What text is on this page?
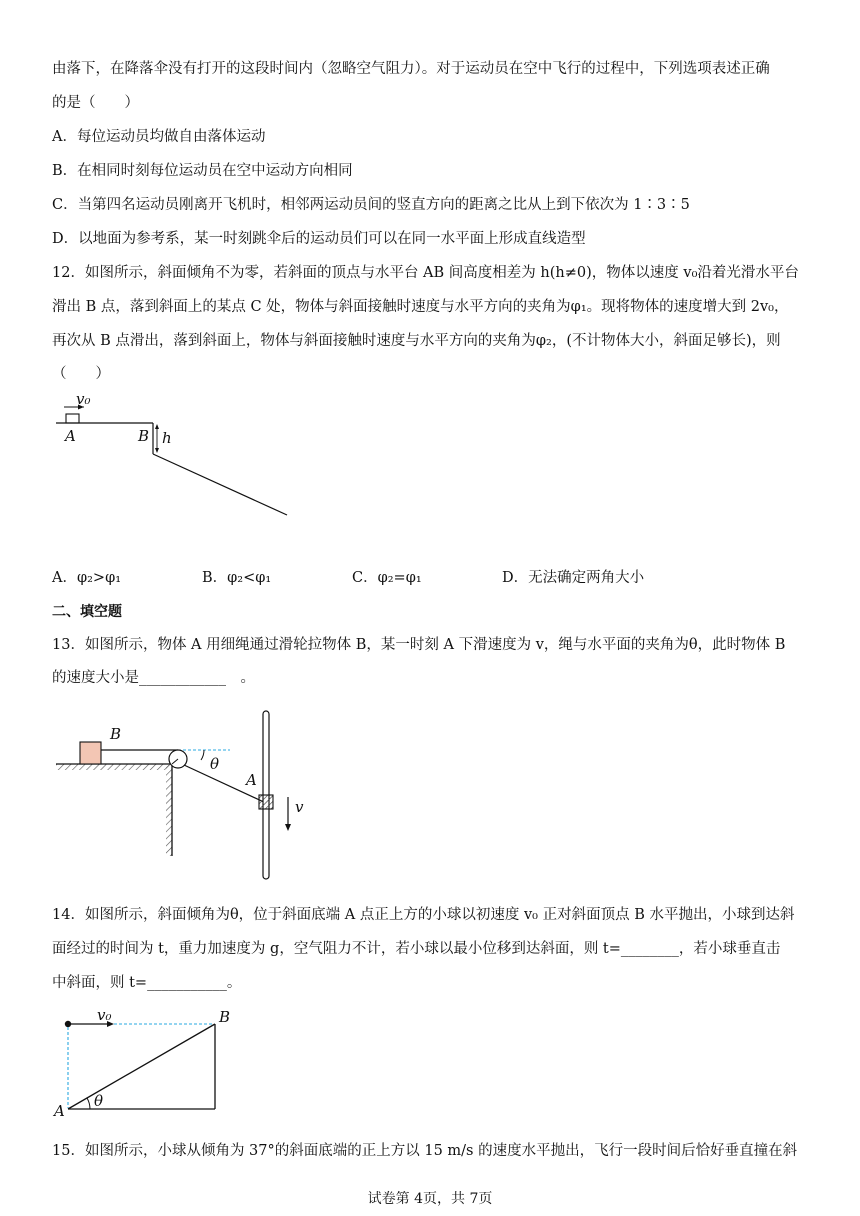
由落下，在降落伞没有打开的这段时间内（忽略空气阻力）。对于运动员在空中飞行的过程中，下列选项表述正确
的是（　　）
A．每位运动员均做自由落体运动
B．在相同时刻每位运动员在空中运动方向相同
C．当第四名运动员刚离开飞机时，相邻两运动员间的竖直方向的距离之比从上到下依次为 1∶3∶5
D．以地面为参考系，某一时刻跳伞后的运动员们可以在同一水平面上形成直线造型
12．如图所示，斜面倾角不为零，若斜面的顶点与水平台 AB 间高度相差为 h(h≠0)，物体以速度 v₀沿着光滑水平台
滑出 B 点，落到斜面上的某点 C 处，物体与斜面接触时速度与水平方向的夹角为φ₁。现将物体的速度增大到 2v₀，
再次从 B 点滑出，落到斜面上，物体与斜面接触时速度与水平方向的夹角为φ₂，(不计物体大小，斜面足够长)，则
（　　）
v₀
A	B h
A．φ₂>φ₁	B．φ₂<φ₁	C．φ₂=φ₁	D．无法确定两角大小
二、填空题
13．如图所示，物体 A 用细绳通过滑轮拉物体 B，某一时刻 A 下滑速度为 v，绳与水平面的夹角为θ，此时物体 B
的速度大小是____________　。
B
θ
A
v
14．如图所示，斜面倾角为θ，位于斜面底端 A 点正上方的小球以初速度 v₀ 正对斜面顶点 B 水平抛出，小球到达斜
面经过的时间为 t，重力加速度为 g，空气阻力不计，若小球以最小位移到达斜面，则 t=________，若小球垂直击
中斜面，则 t=___________。
v₀
θ
A
B
15．如图所示，小球从倾角为 37°的斜面底端的正上方以 15 m/s 的速度水平抛出，飞行一段时间后恰好垂直撞在斜
试卷第 4页，共 7页
